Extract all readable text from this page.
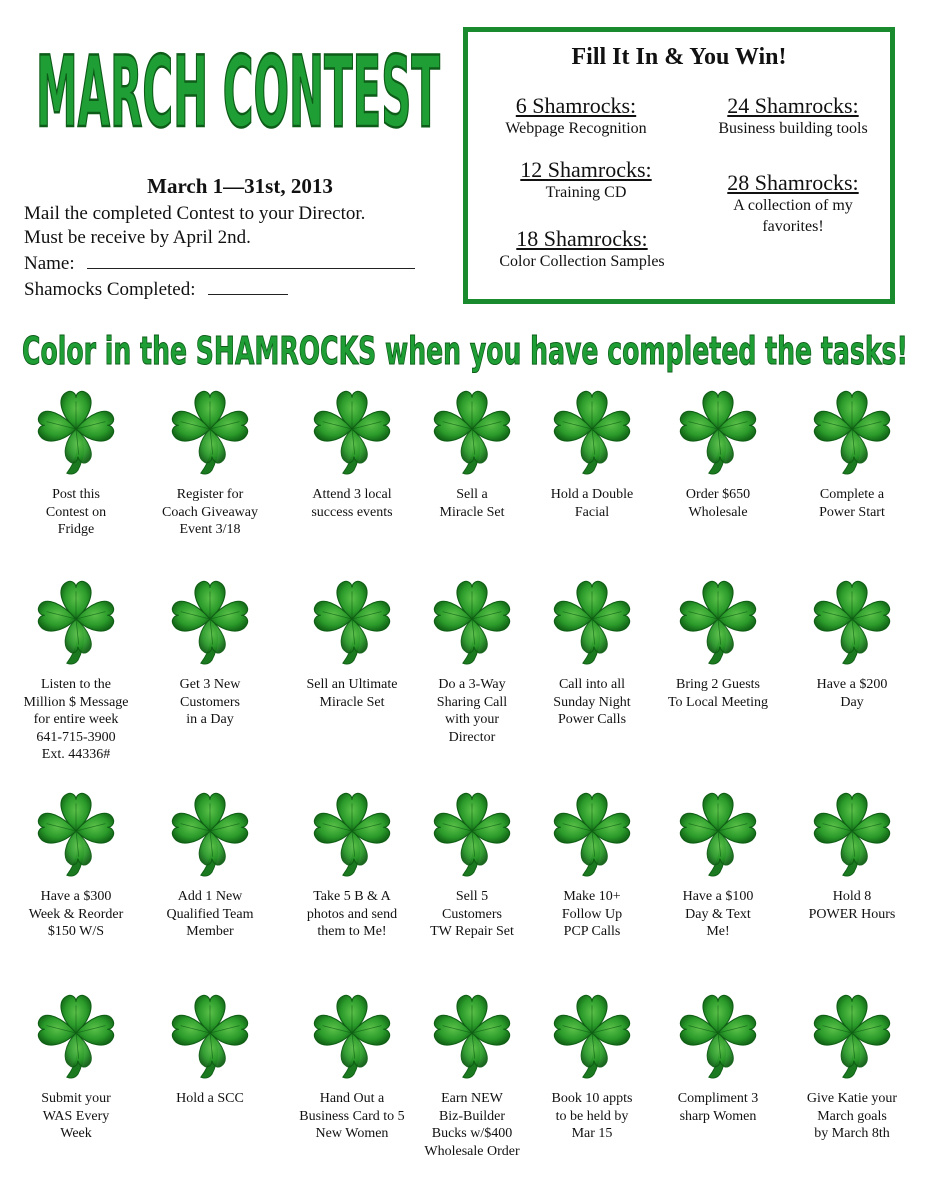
MARCH CONTEST
March 1—31st, 2013
Mail the completed Contest to your Director.
Must be receive by April 2nd.
Name:
Shamocks Completed:
Fill It In & You Win!
6 Shamrocks:
Webpage Recognition
12 Shamrocks:
Training CD
18 Shamrocks:
Color Collection Samples
24 Shamrocks:
Business building tools
28 Shamrocks:
A collection of my
favorites!
Color in the SHAMROCKS when you have completed the tasks!
Post this
Contest on
Fridge
Register for
Coach Giveaway
Event 3/18
Attend 3 local
success events
Sell a
Miracle Set
Hold a Double
Facial
Order $650
Wholesale
Complete a
Power Start
Listen to the
Million $ Message
for entire week
641-715-3900
Ext. 44336#
Get 3 New
Customers
in a Day
Sell an Ultimate
Miracle Set
Do a 3-Way
Sharing Call
with your
Director
Call into all
Sunday Night
Power Calls
Bring 2 Guests
To Local Meeting
Have a $200
Day
Have a $300
Week & Reorder
$150 W/S
Add 1 New
Qualified Team
Member
Take 5 B & A
photos and send
them to Me!
Sell 5
Customers
TW Repair Set
Make 10+
Follow Up
PCP Calls
Have a $100
Day & Text
Me!
Hold 8
POWER Hours
Submit your
WAS Every
Week
Hold a SCC	Hand Out a
Business Card to 5
New Women
Earn NEW
Biz-Builder
Bucks w/$400
Wholesale Order
Book 10 appts
to be held by
Mar 15
Compliment 3
sharp Women
Give Katie your
March goals
by March 8th
